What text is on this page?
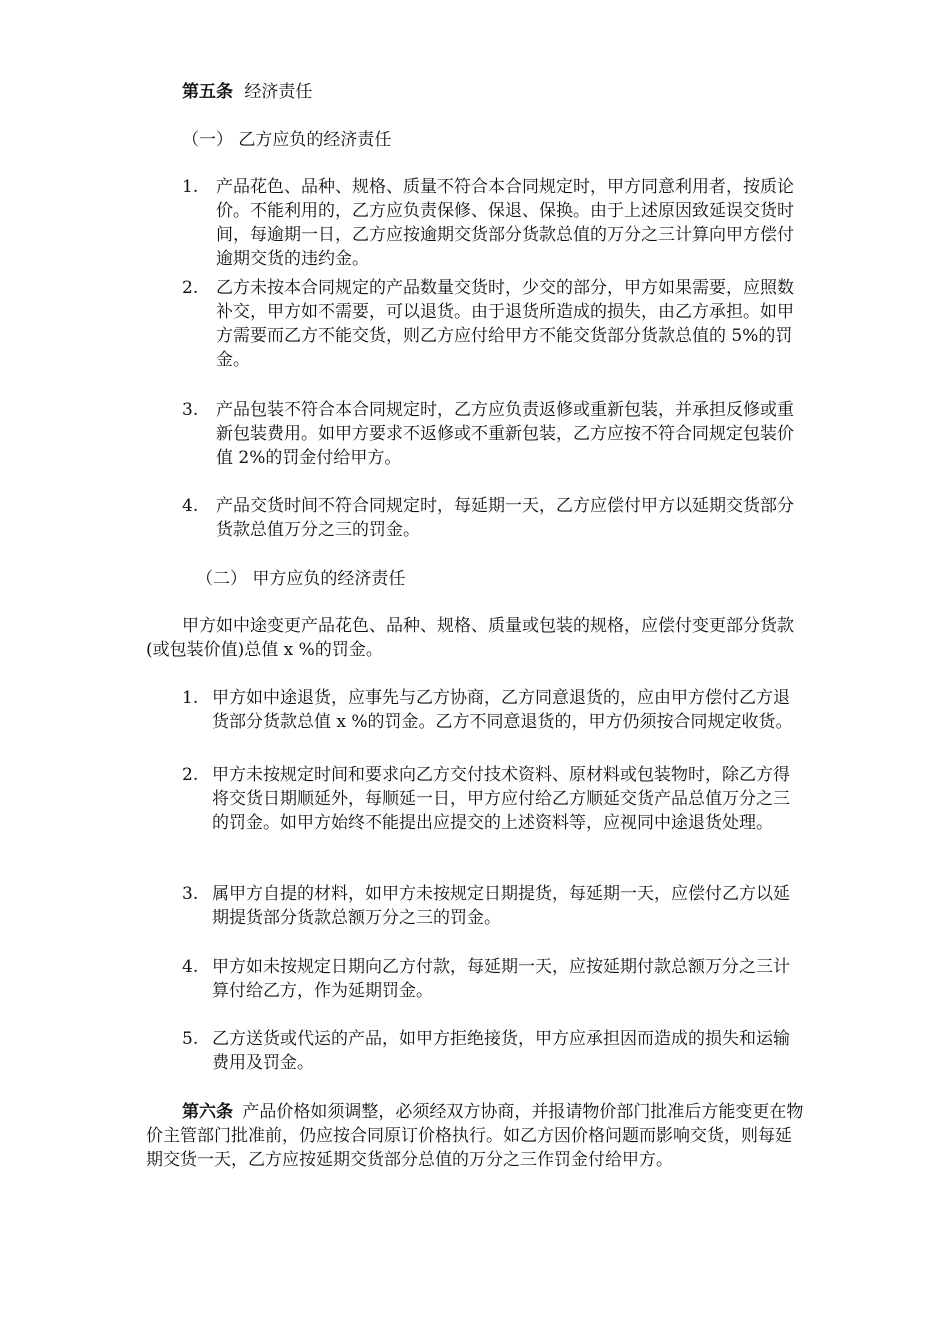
第五条 经济责任
（一） 乙方应负的经济责任
1. 产品花色、品种、规格、质量不符合本合同规定时，甲方同意利用者，按质论价。不能利用的，乙方应负责保修、保退、保换。由于上述原因致延误交货时间，每逾期一日，乙方应按逾期交货部分货款总值的万分之三计算向甲方偿付逾期交货的违约金。
2. 乙方未按本合同规定的产品数量交货时，少交的部分，甲方如果需要，应照数补交，甲方如不需要，可以退货。由于退货所造成的损失，由乙方承担。如甲方需要而乙方不能交货，则乙方应付给甲方不能交货部分货款总值的 5%的罚金。
3. 产品包装不符合本合同规定时，乙方应负责返修或重新包装，并承担反修或重新包装费用。如甲方要求不返修或不重新包装，乙方应按不符合同规定包装价值 2%的罚金付给甲方。
4. 产品交货时间不符合同规定时，每延期一天，乙方应偿付甲方以延期交货部分货款总值万分之三的罚金。
（二） 甲方应负的经济责任
甲方如中途变更产品花色、品种、规格、质量或包装的规格，应偿付变更部分货款(或包装价值)总值 x %的罚金。
1. 甲方如中途退货，应事先与乙方协商，乙方同意退货的，应由甲方偿付乙方退货部分货款总值 x %的罚金。乙方不同意退货的，甲方仍须按合同规定收货。
2. 甲方未按规定时间和要求向乙方交付技术资料、原材料或包装物时，除乙方得将交货日期顺延外，每顺延一日，甲方应付给乙方顺延交货产品总值万分之三的罚金。如甲方始终不能提出应提交的上述资料等，应视同中途退货处理。
3. 属甲方自提的材料，如甲方未按规定日期提货，每延期一天，应偿付乙方以延期提货部分货款总额万分之三的罚金。
4. 甲方如未按规定日期向乙方付款，每延期一天，应按延期付款总额万分之三计算付给乙方，作为延期罚金。
5. 乙方送货或代运的产品，如甲方拒绝接货，甲方应承担因而造成的损失和运输费用及罚金。
第六条 产品价格如须调整，必须经双方协商，并报请物价部门批准后方能变更在物价主管部门批准前，仍应按合同原订价格执行。如乙方因价格问题而影响交货，则每延期交货一天，乙方应按延期交货部分总值的万分之三作罚金付给甲方。
